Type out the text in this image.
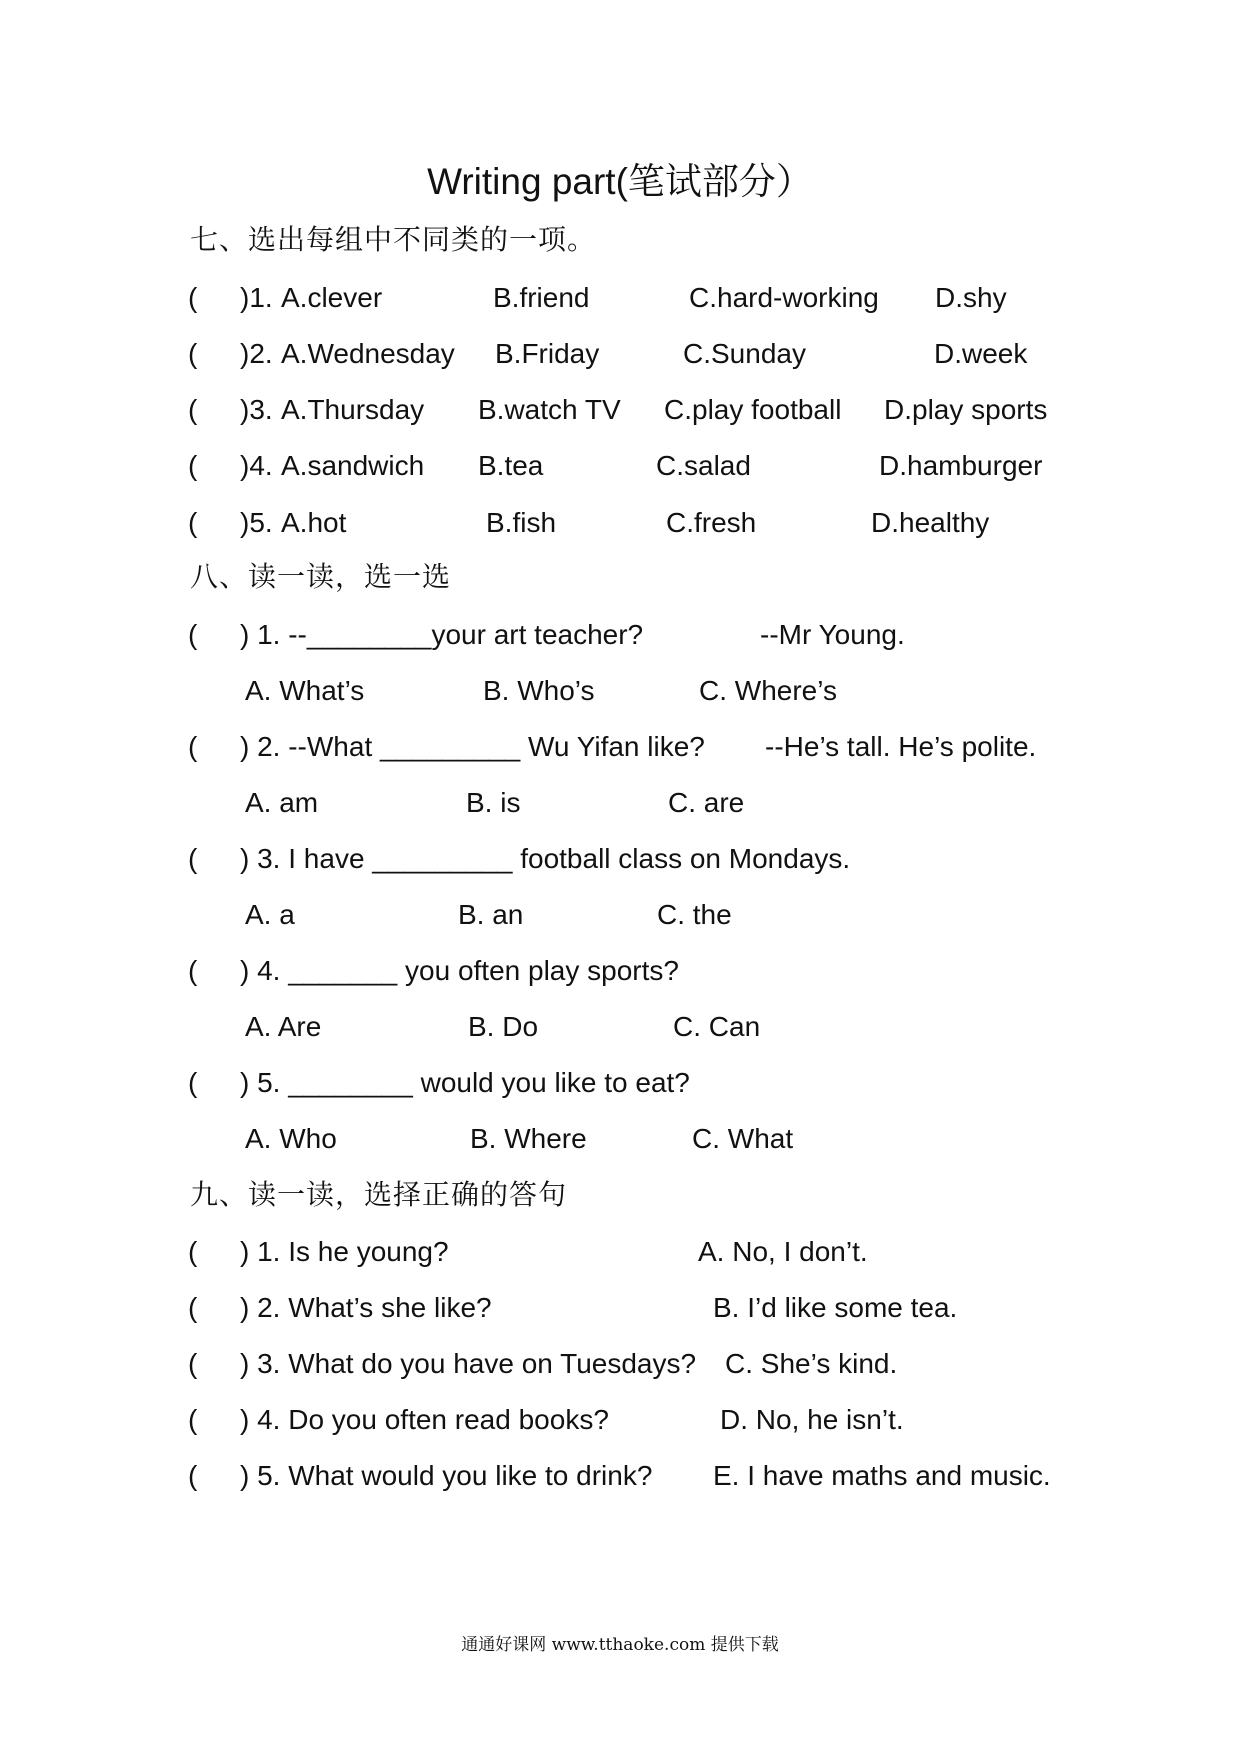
Writing part(笔试部分）
七、选出每组中不同类的一项。
( )1. A.clever	B.friend	C.hard-working D.shy
( )2. A.Wednesday B.Friday	C.Sunday	D.week
( )3. A.Thursday B.watch TV C.play football D.play sports
( )4. A.sandwich B.tea	C.salad	D.hamburger
( )5. A.hot	B.fish	C.fresh	D.healthy
八、读一读，选一选
( ) 1. --________your art teacher?	--Mr Young.
A. What’s	B. Who’s	C. Where’s
( ) 2. --What _________ Wu Yifan like? --He’s tall. He’s polite.
A. am	B. is	C. are
( ) 3. I have _________ football class on Mondays.
A. a	B. an	C. the
( ) 4. _______ you often play sports?
A. Are	B. Do	C. Can
( ) 5. ________ would you like to eat?
A. Who	B. Where	C. What
九、读一读，选择正确的答句
( ) 1. Is he young?	A. No, I don’t.
( ) 2. What’s she like?	B. I’d like some tea.
( ) 3. What do you have on Tuesdays? C. She’s kind.
( ) 4. Do you often read books?	D. No, he isn’t.
( ) 5. What would you like to drink? E. I have maths and music.
通通好课网 www.tthaoke.com 提供下载
